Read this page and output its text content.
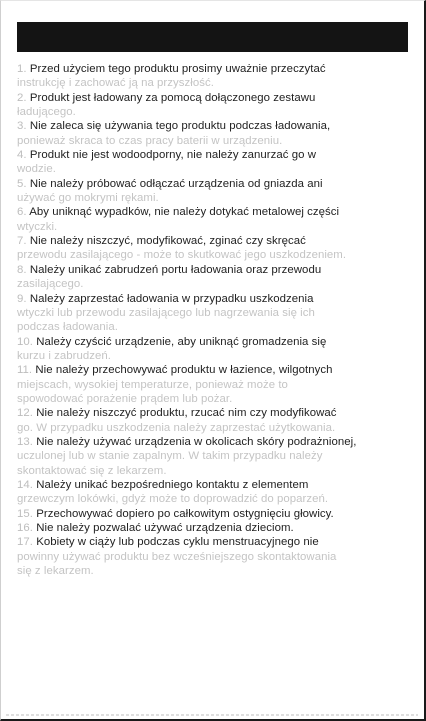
1. Przed użyciem tego produktu prosimy uważnie przeczytać
instrukcję i zachować ją na przyszłość.
2. Produkt jest ładowany za pomocą dołączonego zestawu
ładującego.
3. Nie zaleca się używania tego produktu podczas ładowania,
ponieważ skraca to czas pracy baterii w urządzeniu.
4. Produkt nie jest wodoodporny, nie należy zanurzać go w
wodzie.
5. Nie należy próbować odłączać urządzenia od gniazda ani
używać go mokrymi rękami.
6. Aby uniknąć wypadków, nie należy dotykać metalowej części
wtyczki.
7. Nie należy niszczyć, modyfikować, zginać czy skręcać
przewodu zasilającego - może to skutkować jego uszkodzeniem.
8. Należy unikać zabrudzeń portu ładowania oraz przewodu
zasilającego.
9. Należy zaprzestać ładowania w przypadku uszkodzenia
wtyczki lub przewodu zasilającego lub nagrzewania się ich
podczas ładowania.
10. Należy czyścić urządzenie, aby uniknąć gromadzenia się
kurzu i zabrudzeń.
11. Nie należy przechowywać produktu w łazience, wilgotnych
miejscach, wysokiej temperaturze, ponieważ może to
spowodować porażenie prądem lub pożar.
12. Nie należy niszczyć produktu, rzucać nim czy modyfikować
go. W przypadku uszkodzenia należy zaprzestać użytkowania.
13. Nie należy używać urządzenia w okolicach skóry podrażnionej,
uczulonej lub w stanie zapalnym. W takim przypadku należy
skontaktować się z lekarzem.
14. Należy unikać bezpośredniego kontaktu z elementem
grzewczym lokówki, gdyż może to doprowadzić do poparzeń.
15. Przechowywać dopiero po całkowitym ostygnięciu głowicy.
16. Nie należy pozwalać używać urządzenia dzieciom.
17. Kobiety w ciąży lub podczas cyklu menstruacyjnego nie
powinny używać produktu bez wcześniejszego skontaktowania
się z lekarzem.
